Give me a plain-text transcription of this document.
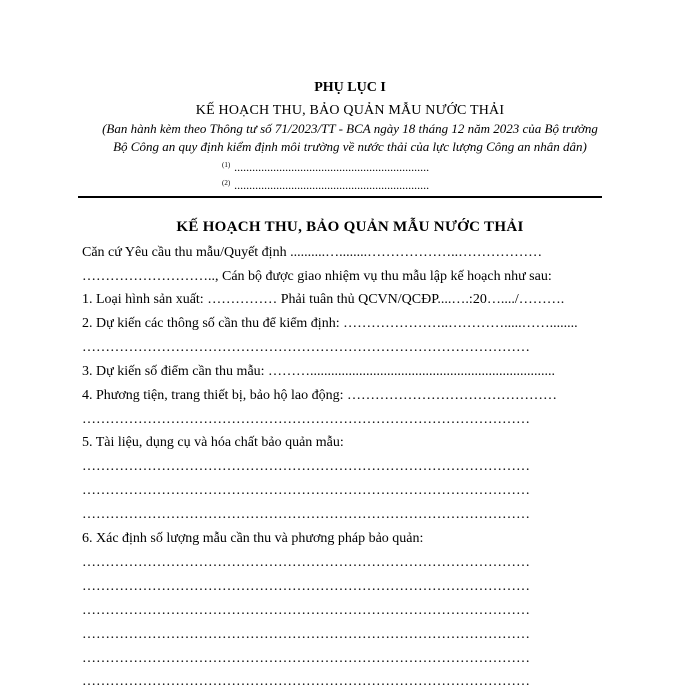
PHỤ LỤC I
KẾ HOẠCH THU, BẢO QUẢN MẪU NƯỚC THẢI
(Ban hành kèm theo Thông tư số 71/2023/TT - BCA ngày 18 tháng 12 năm 2023 của Bộ trưởng
Bộ Công an quy định kiểm định môi trường về nước thải của lực lượng Công an nhân dân)
$^{(1)}$ .................................................................
$^{(2)}$ .................................................................
KẾ HOẠCH THU, BẢO QUẢN MẪU NƯỚC THẢI
Căn cứ Yêu cầu thu mẫu/Quyết định ..........…........………………..………………
……………………….., Cán bộ được giao nhiệm vụ thu mẫu lập kế hoạch như sau:
1. Loại hình sản xuất: …………… Phải tuân thủ QCVN/QCĐP....….:20…..../……….
2. Dự kiến các thông số cần thu để kiểm định: …………………..………….....……........
……………………………………………………………………………………
3. Dự kiến số điểm cần thu mẫu: ………......................................................................
4. Phương tiện, trang thiết bị, bảo hộ lao động: ………………………………………
……………………………………………………………………………………
5. Tài liệu, dụng cụ và hóa chất bảo quản mẫu:
……………………………………………………………………………………
……………………………………………………………………………………
……………………………………………………………………………………
6. Xác định số lượng mẫu cần thu và phương pháp bảo quản:
……………………………………………………………………………………
……………………………………………………………………………………
……………………………………………………………………………………
……………………………………………………………………………………
……………………………………………………………………………………
……………………………………………………………………………………
